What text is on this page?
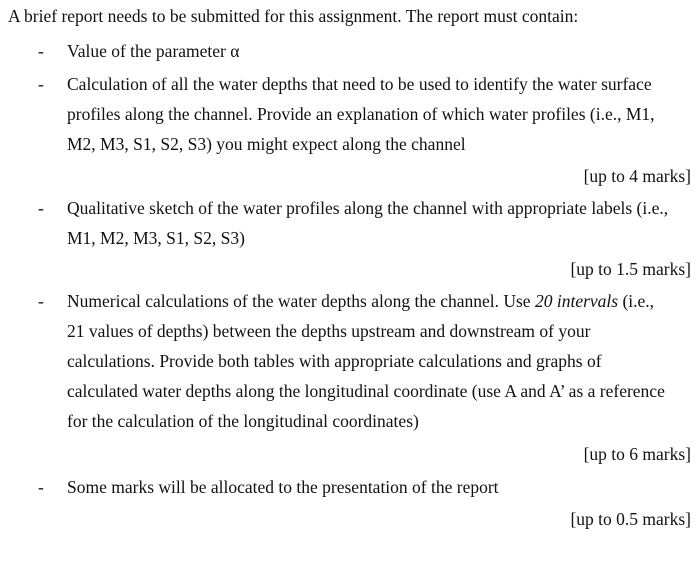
A brief report needs to be submitted for this assignment. The report must contain:
-	Value of the parameter α
-	Calculation of all the water depths that need to be used to identify the water surface
profiles along the channel. Provide an explanation of which water profiles (i.e., M1,
M2, M3, S1, S2, S3) you might expect along the channel
[up to 4 marks]
-	Qualitative sketch of the water profiles along the channel with appropriate labels (i.e.,
M1, M2, M3, S1, S2, S3)
[up to 1.5 marks]
-	Numerical calculations of the water depths along the channel. Use 20 intervals (i.e.,
21 values of depths) between the depths upstream and downstream of your
calculations. Provide both tables with appropriate calculations and graphs of
calculated water depths along the longitudinal coordinate (use A and A’ as a reference
for the calculation of the longitudinal coordinates)
[up to 6 marks]
-	Some marks will be allocated to the presentation of the report
[up to 0.5 marks]
